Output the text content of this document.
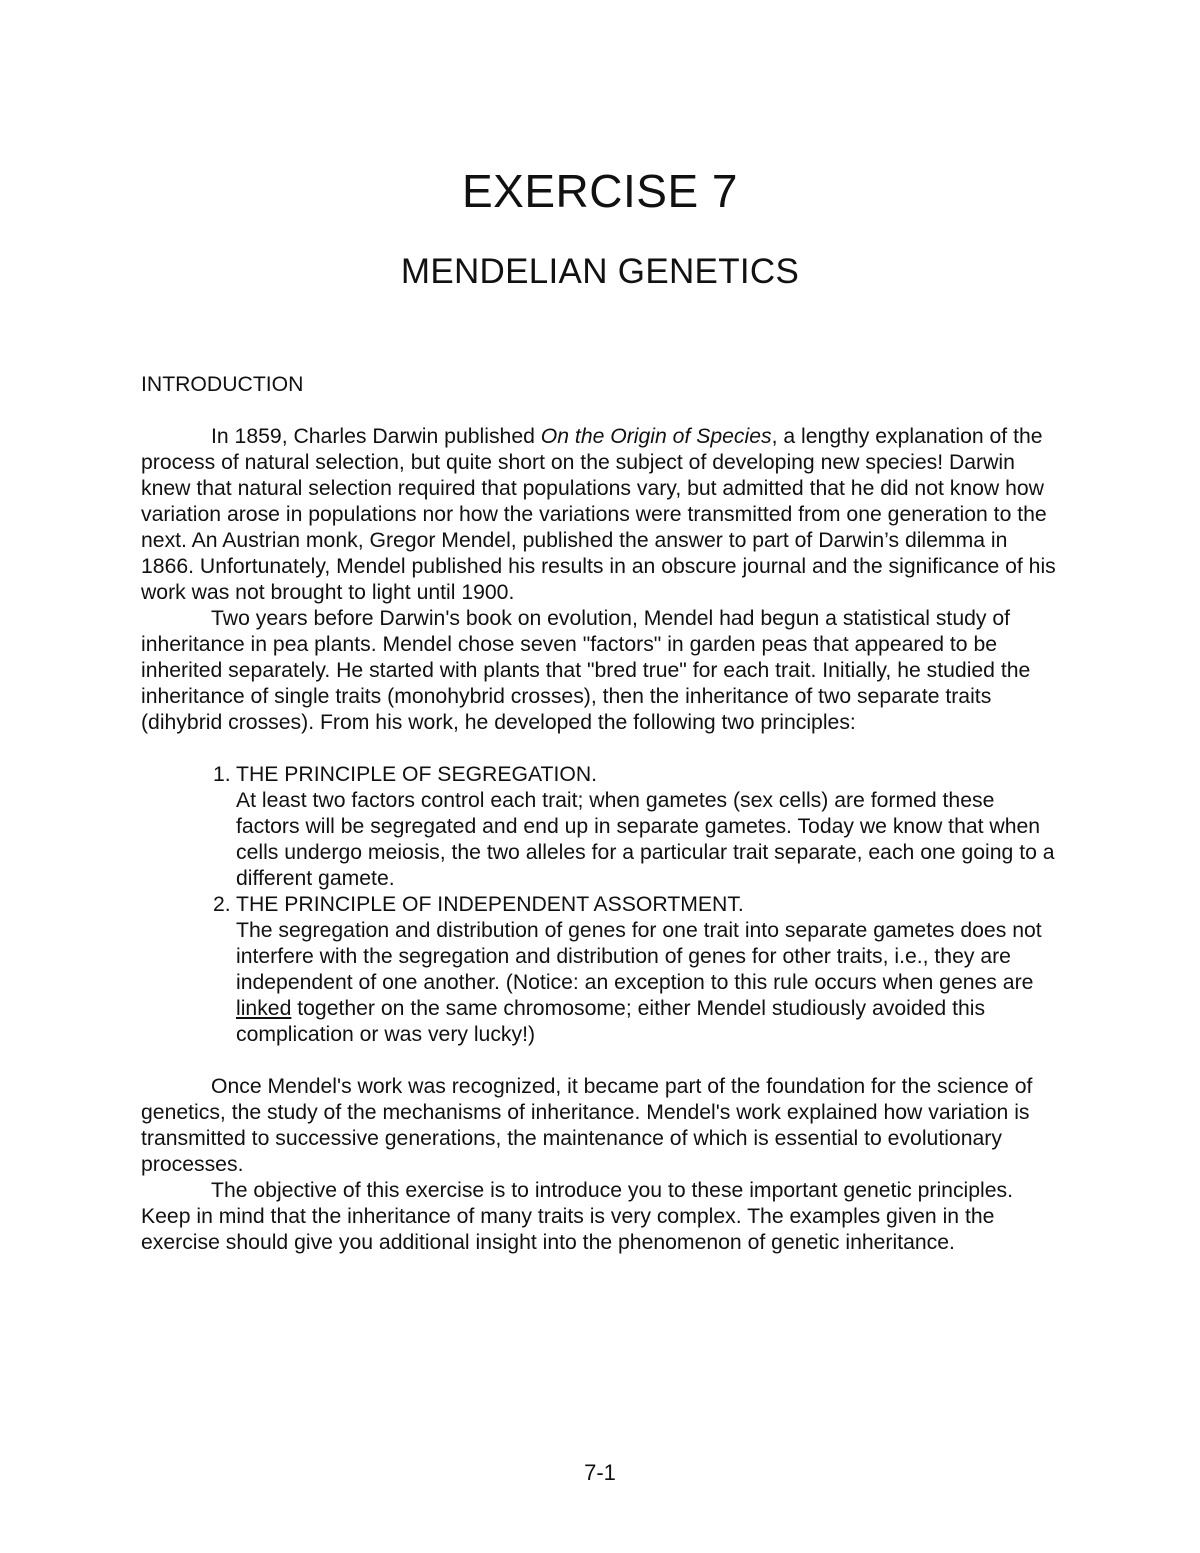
EXERCISE 7
MENDELIAN GENETICS
INTRODUCTION

In 1859, Charles Darwin published On the Origin of Species, a lengthy explanation of the process of natural selection, but quite short on the subject of developing new species! Darwin knew that natural selection required that populations vary, but admitted that he did not know how variation arose in populations nor how the variations were transmitted from one generation to the next. An Austrian monk, Gregor Mendel, published the answer to part of Darwin’s dilemma in 1866. Unfortunately, Mendel published his results in an obscure journal and the significance of his work was not brought to light until 1900.

Two years before Darwin's book on evolution, Mendel had begun a statistical study of inheritance in pea plants. Mendel chose seven "factors" in garden peas that appeared to be inherited separately. He started with plants that "bred true" for each trait. Initially, he studied the inheritance of single traits (monohybrid crosses), then the inheritance of two separate traits (dihybrid crosses). From his work, he developed the following two principles:

1. THE PRINCIPLE OF SEGREGATION.
At least two factors control each trait; when gametes (sex cells) are formed these factors will be segregated and end up in separate gametes. Today we know that when cells undergo meiosis, the two alleles for a particular trait separate, each one going to a different gamete.
2. THE PRINCIPLE OF INDEPENDENT ASSORTMENT.
The segregation and distribution of genes for one trait into separate gametes does not interfere with the segregation and distribution of genes for other traits, i.e., they are independent of one another. (Notice: an exception to this rule occurs when genes are linked together on the same chromosome; either Mendel studiously avoided this complication or was very lucky!)

Once Mendel's work was recognized, it became part of the foundation for the science of genetics, the study of the mechanisms of inheritance. Mendel's work explained how variation is transmitted to successive generations, the maintenance of which is essential to evolutionary processes.

The objective of this exercise is to introduce you to these important genetic principles. Keep in mind that the inheritance of many traits is very complex. The examples given in the exercise should give you additional insight into the phenomenon of genetic inheritance.

7-1
